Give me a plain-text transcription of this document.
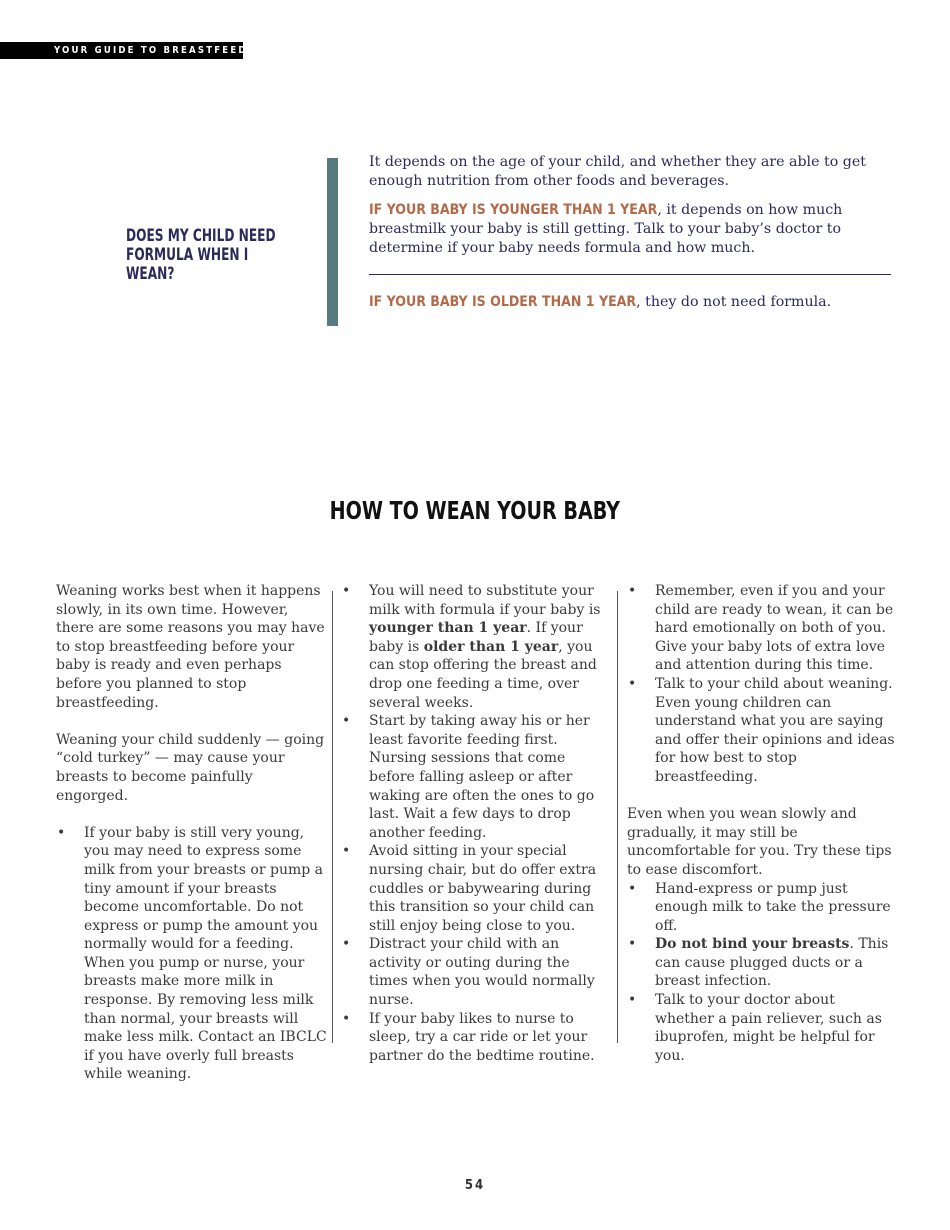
YOUR GUIDE TO BREASTFEEDING
DOES MY CHILD NEED FORMULA WHEN I WEAN?

It depends on the age of your child, and whether they are able to get enough nutrition from other foods and beverages.

IF YOUR BABY IS YOUNGER THAN 1 YEAR, it depends on how much breastmilk your baby is still getting. Talk to your baby’s doctor to determine if your baby needs formula and how much.

IF YOUR BABY IS OLDER THAN 1 YEAR, they do not need formula.

HOW TO WEAN YOUR BABY

Weaning works best when it happens slowly, in its own time. However, there are some reasons you may have to stop breastfeeding before your baby is ready and even perhaps before you planned to stop breastfeeding.

Weaning your child suddenly — going “cold turkey” — may cause your breasts to become painfully engorged.

• If your baby is still very young, you may need to express some milk from your breasts or pump a tiny amount if your breasts become uncomfortable. Do not express or pump the amount you normally would for a feeding. When you pump or nurse, your breasts make more milk in response. By removing less milk than normal, your breasts will make less milk. Contact an IBCLC if you have overly full breasts while weaning.
• You will need to substitute your milk with formula if your baby is younger than 1 year. If your baby is older than 1 year, you can stop offering the breast and drop one feeding a time, over several weeks.
• Start by taking away his or her least favorite feeding first. Nursing sessions that come before falling asleep or after waking are often the ones to go last. Wait a few days to drop another feeding.
• Avoid sitting in your special nursing chair, but do offer extra cuddles or babywearing during this transition so your child can still enjoy being close to you.
• Distract your child with an activity or outing during the times when you would normally nurse.
• If your baby likes to nurse to sleep, try a car ride or let your partner do the bedtime routine.
• Remember, even if you and your child are ready to wean, it can be hard emotionally on both of you. Give your baby lots of extra love and attention during this time.
• Talk to your child about weaning. Even young children can understand what you are saying and offer their opinions and ideas for how best to stop breastfeeding.

Even when you wean slowly and gradually, it may still be uncomfortable for you. Try these tips to ease discomfort.

• Hand-express or pump just enough milk to take the pressure off.
• Do not bind your breasts. This can cause plugged ducts or a breast infection.
• Talk to your doctor about whether a pain reliever, such as ibuprofen, might be helpful for you.
54
